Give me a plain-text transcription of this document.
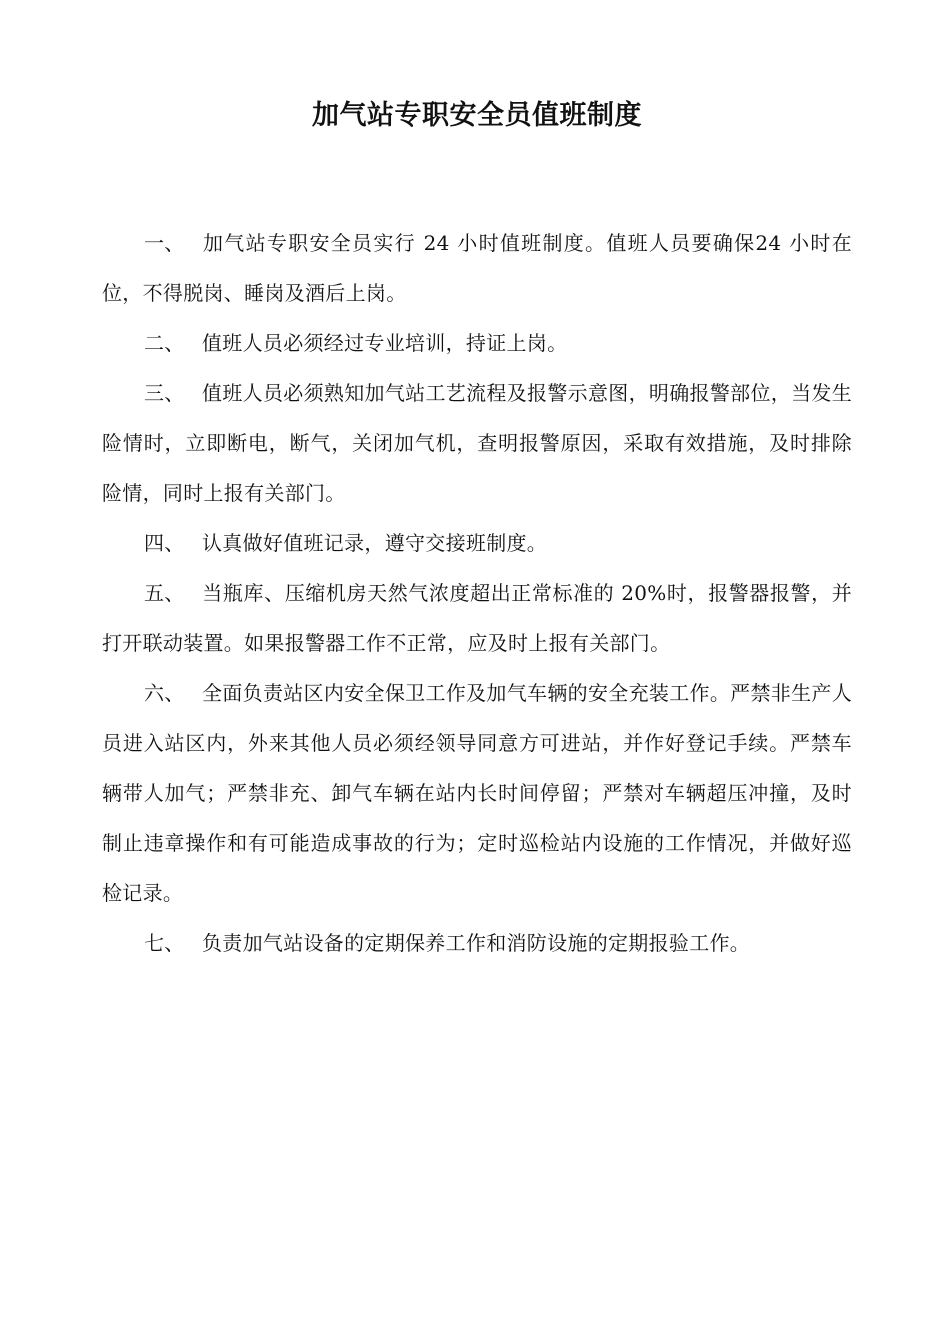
加气站专职安全员值班制度

一、 加气站专职安全员实行 24 小时值班制度。值班人员要确保24 小时在位，不得脱岗、睡岗及酒后上岗。

二、 值班人员必须经过专业培训，持证上岗。

三、 值班人员必须熟知加气站工艺流程及报警示意图，明确报警部位，当发生险情时，立即断电，断气，关闭加气机，查明报警原因，采取有效措施，及时排除险情，同时上报有关部门。

四、 认真做好值班记录，遵守交接班制度。

五、 当瓶库、压缩机房天然气浓度超出正常标准的 20%时，报警器报警，并打开联动装置。如果报警器工作不正常，应及时上报有关部门。

六、 全面负责站区内安全保卫工作及加气车辆的安全充装工作。严禁非生产人员进入站区内，外来其他人员必须经领导同意方可进站，并作好登记手续。严禁车辆带人加气；严禁非充、卸气车辆在站内长时间停留；严禁对车辆超压冲撞，及时制止违章操作和有可能造成事故的行为；定时巡检站内设施的工作情况，并做好巡检记录。

七、 负责加气站设备的定期保养工作和消防设施的定期报验工作。
